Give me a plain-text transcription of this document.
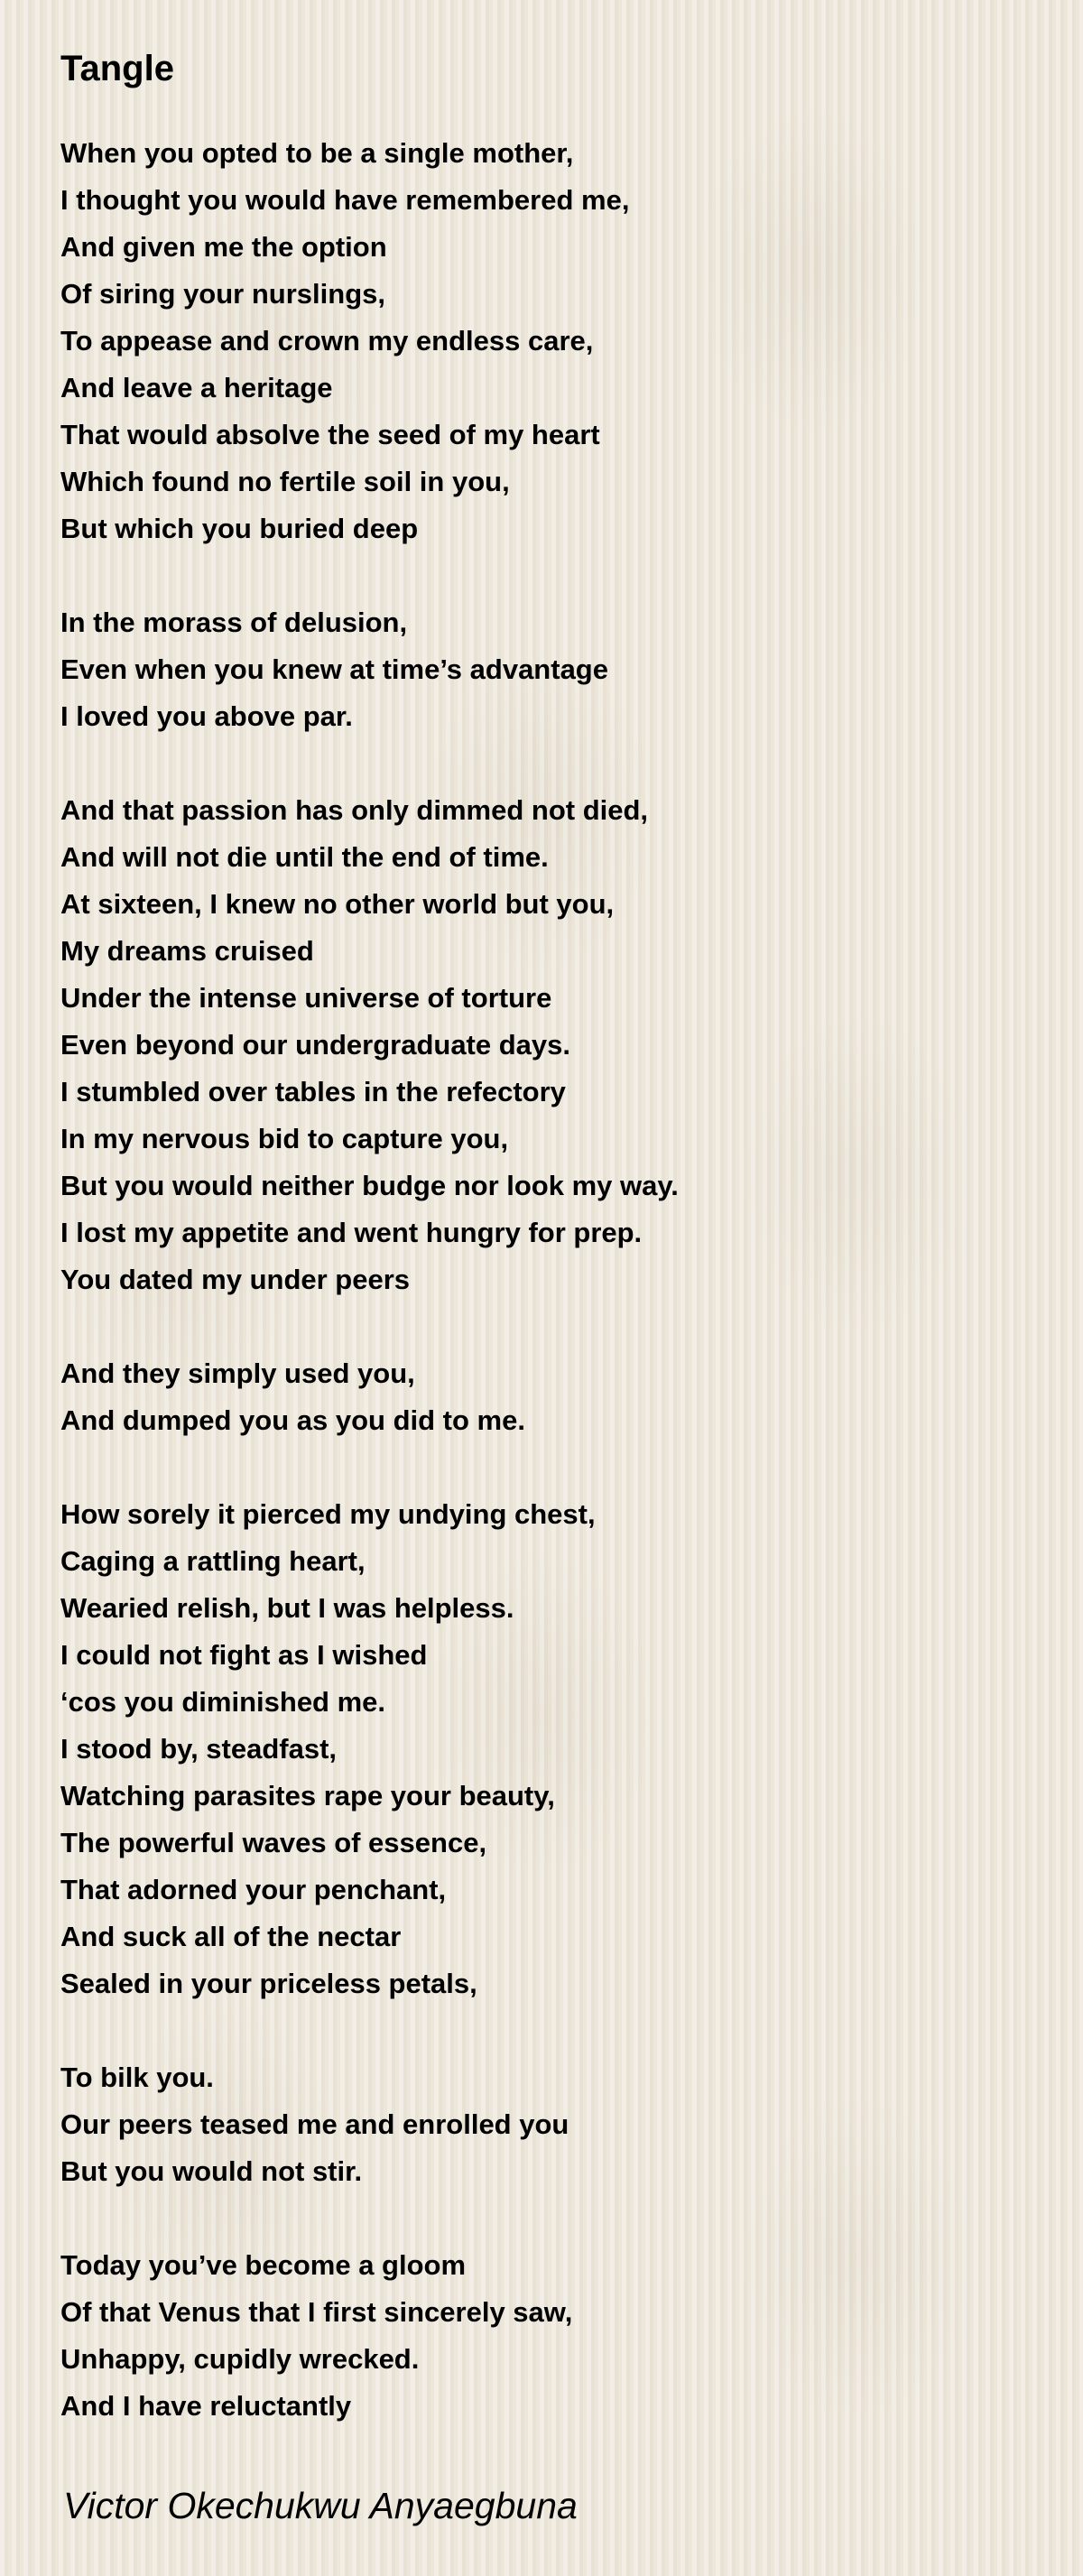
Tangle
When you opted to be a single mother,
I thought you would have remembered me,
And given me the option
Of siring your nurslings,
To appease and crown my endless care,
And leave a heritage
That would absolve the seed of my heart
Which found no fertile soil in you,
But which you buried deep
In the morass of delusion,
Even when you knew at time’s advantage
I loved you above par.
And that passion has only dimmed not died,
And will not die until the end of time.
At sixteen, I knew no other world but you,
My dreams cruised
Under the intense universe of torture
Even beyond our undergraduate days.
I stumbled over tables in the refectory
In my nervous bid to capture you,
But you would neither budge nor look my way.
I lost my appetite and went hungry for prep.
You dated my under peers
And they simply used you,
And dumped you as you did to me.
How sorely it pierced my undying chest,
Caging a rattling heart,
Wearied relish, but I was helpless.
I could not fight as I wished
‘cos you diminished me.
I stood by, steadfast,
Watching parasites rape your beauty,
The powerful waves of essence,
That adorned your penchant,
And suck all of the nectar
Sealed in your priceless petals,
To bilk you.
Our peers teased me and enrolled you
But you would not stir.
Today you’ve become a gloom
Of that Venus that I first sincerely saw,
Unhappy, cupidly wrecked.
And I have reluctantly
Victor Okechukwu Anyaegbuna
